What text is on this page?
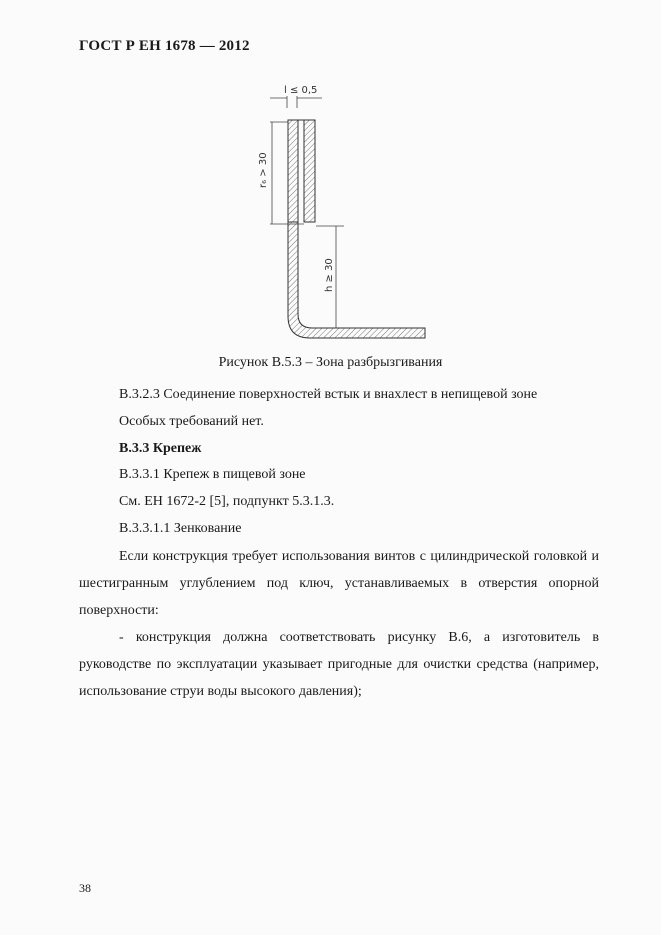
ГОСТ Р ЕН 1678 — 2012
l ≤ 0,5
r₆ > 30
h ≥ 30
Рисунок В.5.3 – Зона разбрызгивания
В.3.2.3 Соединение поверхностей встык и внахлест в непищевой зоне
Особых требований нет.
В.3.3 Крепеж
В.3.3.1 Крепеж в пищевой зоне
См. ЕН 1672-2 [5], подпункт 5.3.1.3.
В.3.3.1.1 Зенкование
Если конструкция требует использования винтов с цилиндрической головкой и шестигранным углублением под ключ, устанавливаемых в отверстия опорной поверхности:
- конструкция должна соответствовать рисунку В.6, а изготовитель в руководстве по эксплуатации указывает пригодные для очистки средства (например, использование струи воды высокого давления);
38
